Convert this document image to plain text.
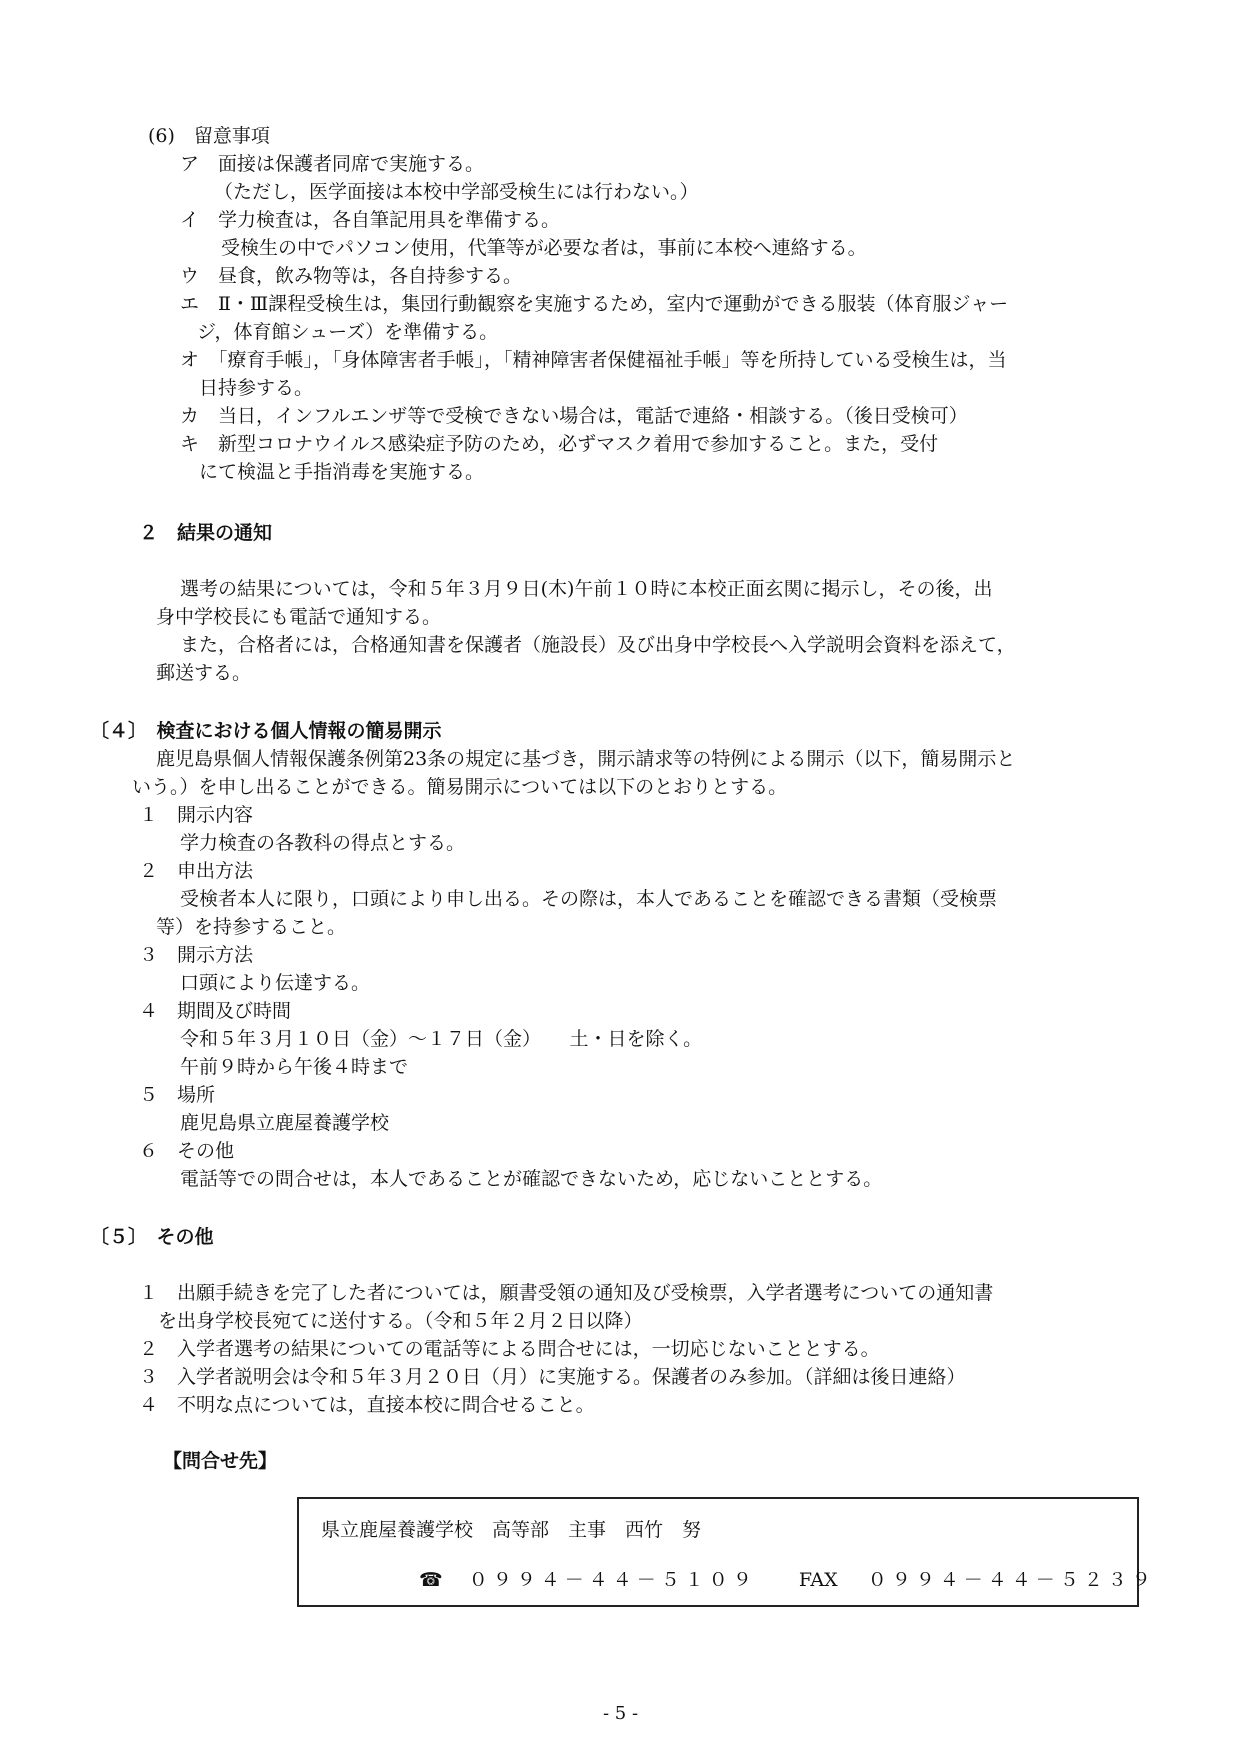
(6)　留意事項
ア　面接は保護者同席で実施する。
（ただし，医学面接は本校中学部受検生には行わない。）
イ　学力検査は，各自筆記用具を準備する。
受検生の中でパソコン使用，代筆等が必要な者は，事前に本校へ連絡する。
ウ　昼食，飲み物等は，各自持参する。
エ　Ⅱ・Ⅲ課程受検生は，集団行動観察を実施するため，室内で運動ができる服装（体育服ジャー
ジ，体育館シューズ）を準備する。
オ　「療育手帳」，「身体障害者手帳」，「精神障害者保健福祉手帳」等を所持している受検生は，当
日持参する。
カ　当日，インフルエンザ等で受検できない場合は，電話で連絡・相談する。（後日受検可）
キ　新型コロナウイルス感染症予防のため，必ずマスク着用で参加すること。また，受付
にて検温と手指消毒を実施する。
２　結果の通知
選考の結果については，令和５年３月９日(木)午前１０時に本校正面玄関に掲示し，その後，出
身中学校長にも電話で通知する。
また，合格者には，合格通知書を保護者（施設長）及び出身中学校長へ入学説明会資料を添えて，
郵送する。
〔４〕　検査における個人情報の簡易開示
鹿児島県個人情報保護条例第23条の規定に基づき，開示請求等の特例による開示（以下，簡易開示と
いう。）を申し出ることができる。簡易開示については以下のとおりとする。
１　開示内容
学力検査の各教科の得点とする。
２　申出方法
受検者本人に限り，口頭により申し出る。その際は，本人であることを確認できる書類（受検票
等）を持参すること。
３　開示方法
口頭により伝達する。
４　期間及び時間
令和５年３月１０日（金）～１７日（金）　　土・日を除く。
午前９時から午後４時まで
５　場所
鹿児島県立鹿屋養護学校
６　その他
電話等での問合せは，本人であることが確認できないため，応じないこととする。
〔５〕　その他
１　出願手続きを完了した者については，願書受領の通知及び受検票，入学者選考についての通知書
を出身学校長宛てに送付する。（令和５年２月２日以降）
２　入学者選考の結果についての電話等による問合せには，一切応じないこととする。
３　入学者説明会は令和５年３月２０日（月）に実施する。保護者のみ参加。（詳細は後日連絡）
４　不明な点については，直接本校に問合せること。
【問合せ先】
県立鹿屋養護学校　高等部　主事　西竹　努
☎ ０９９４－４４－５１０９ FAX ０９９４－４４－５２３９
- 5 -
